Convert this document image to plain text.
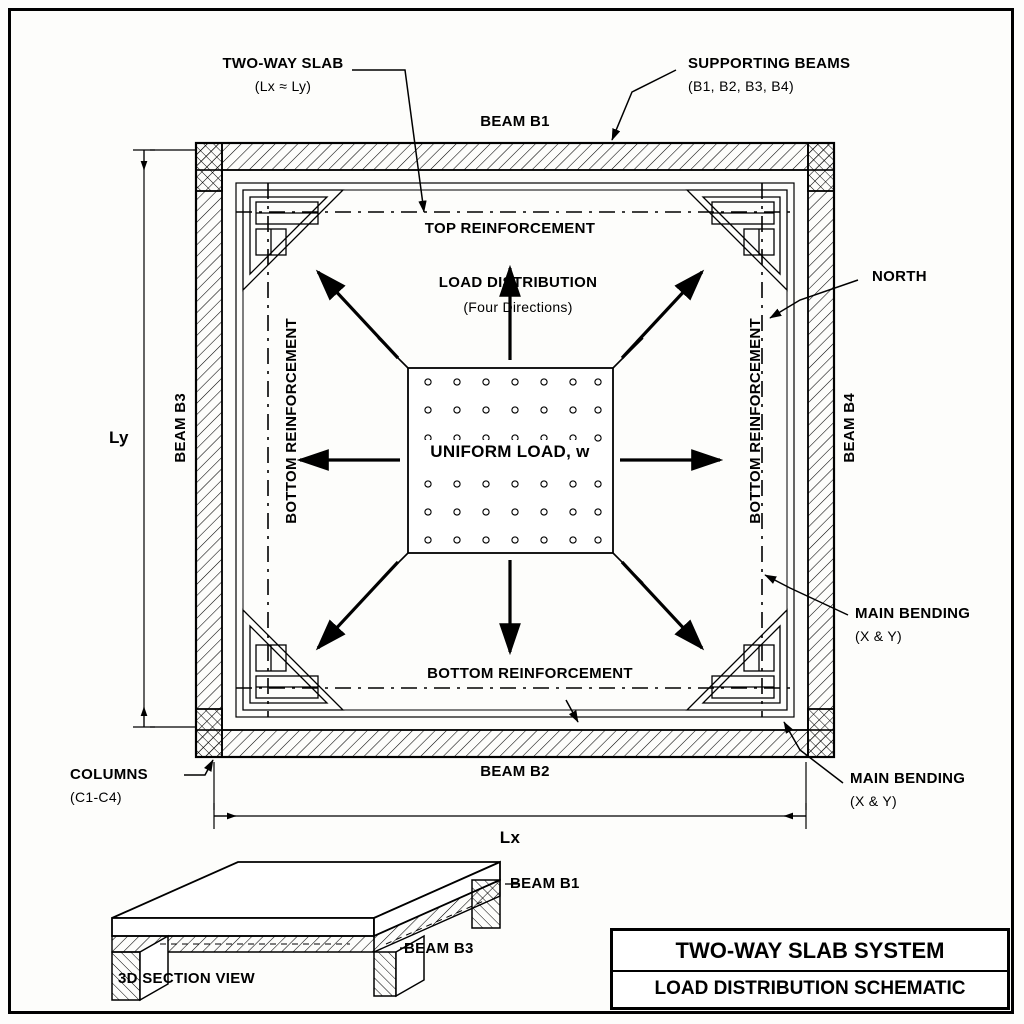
TWO-WAY SLAB
(Lx ≈ Ly)
SUPPORTING BEAMS
(B1, B2, B3, B4)
BEAM B1
BEAM B2
BEAM B3	BEAM B4
TOP REINFORCEMENT
BOTTOM REINFORCEMENT
BOTTOM REINFORCEMENT	BOTTOM REINFORCEMENT
LOAD DISTRIBUTION
(Four Directions)
UNIFORM LOAD, w
NORTH
MAIN BENDING
(X & Y)
MAIN BENDING
(X & Y)
COLUMNS
(C1-C4)
Ly
Lx
BEAM B1
BEAM B3
3D SECTION VIEW
TWO-WAY SLAB SYSTEM
LOAD DISTRIBUTION SCHEMATIC
